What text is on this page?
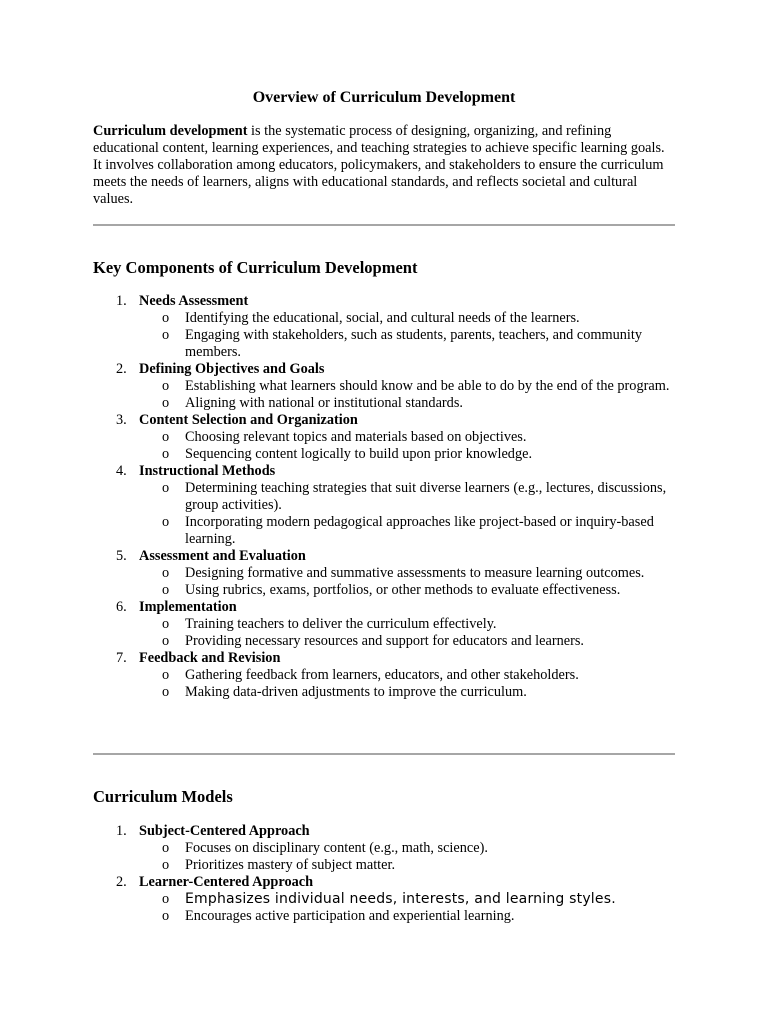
Overview of Curriculum Development

Curriculum development is the systematic process of designing, organizing, and refining educational content, learning experiences, and teaching strategies to achieve specific learning goals. It involves collaboration among educators, policymakers, and stakeholders to ensure the curriculum meets the needs of learners, aligns with educational standards, and reflects societal and cultural values.

Key Components of Curriculum Development
1. Needs Assessment
o Identifying the educational, social, and cultural needs of the learners.
o Engaging with stakeholders, such as students, parents, teachers, and community members.
2. Defining Objectives and Goals
o Establishing what learners should know and be able to do by the end of the program.
o Aligning with national or institutional standards.
3. Content Selection and Organization
o Choosing relevant topics and materials based on objectives.
o Sequencing content logically to build upon prior knowledge.
4. Instructional Methods
o Determining teaching strategies that suit diverse learners (e.g., lectures, discussions, group activities).
o Incorporating modern pedagogical approaches like project-based or inquiry-based learning.
5. Assessment and Evaluation
o Designing formative and summative assessments to measure learning outcomes.
o Using rubrics, exams, portfolios, or other methods to evaluate effectiveness.
6. Implementation
o Training teachers to deliver the curriculum effectively.
o Providing necessary resources and support for educators and learners.
7. Feedback and Revision
o Gathering feedback from learners, educators, and other stakeholders.
o Making data-driven adjustments to improve the curriculum.
Curriculum Models
1. Subject-Centered Approach
o Focuses on disciplinary content (e.g., math, science).
o Prioritizes mastery of subject matter.
2. Learner-Centered Approach
o Emphasizes individual needs, interests, and learning styles.
o Encourages active participation and experiential learning.
